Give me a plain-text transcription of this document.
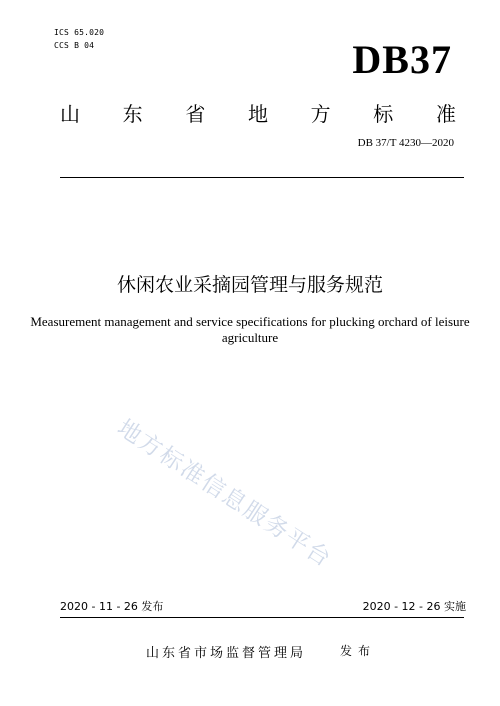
ICS 65.020
CCS B 04	DB37
山 东 省 地 方 标 准
DB 37/T 4230—2020
休闲农业采摘园管理与服务规范
Measurement management and service specifications for plucking orchard of leisure agriculture
地方标准信息服务平台
2020 - 11 - 26 发布	2020 - 12 - 26 实施
山东省市场监督管理局	发布
